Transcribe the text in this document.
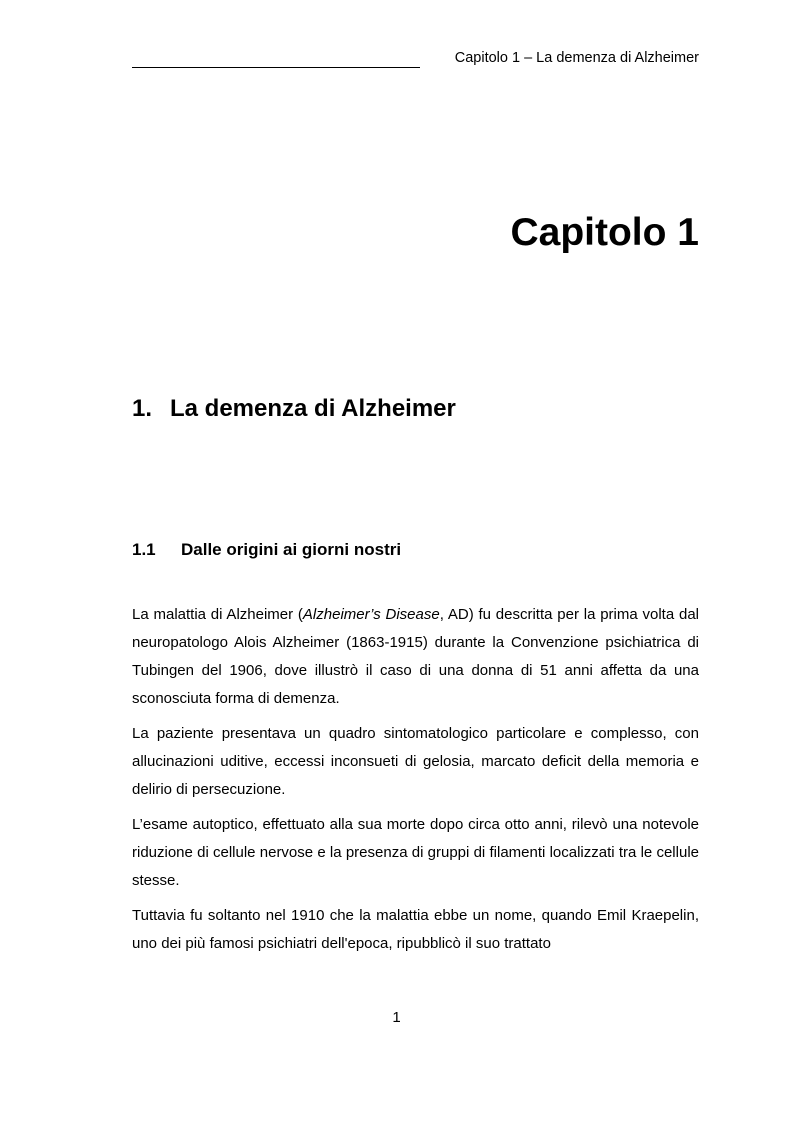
Capitolo 1 – La demenza di Alzheimer
Capitolo 1
1. La demenza di Alzheimer
1.1 Dalle origini ai giorni nostri

La malattia di Alzheimer (Alzheimer’s Disease, AD) fu descritta per la prima volta dal neuropatologo Alois Alzheimer (1863-1915) durante la Convenzione psichiatrica di Tubingen del 1906, dove illustrò il caso di una donna di 51 anni affetta da una sconosciuta forma di demenza.

La paziente presentava un quadro sintomatologico particolare e complesso, con allucinazioni uditive, eccessi inconsueti di gelosia, marcato deficit della memoria e delirio di persecuzione.

L’esame autoptico, effettuato alla sua morte dopo circa otto anni, rilevò una notevole riduzione di cellule nervose e la presenza di gruppi di filamenti localizzati tra le cellule stesse.

Tuttavia fu soltanto nel 1910 che la malattia ebbe un nome, quando Emil Kraepelin, uno dei più famosi psichiatri dell'epoca, ripubblicò il suo trattato

1
